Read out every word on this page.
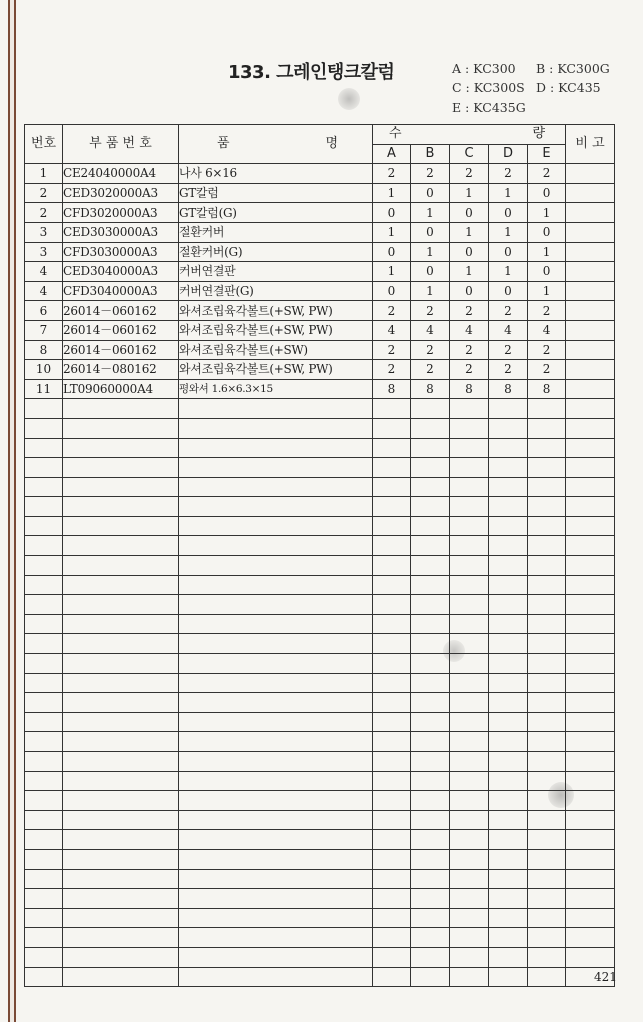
133. 그레인탱크칼럼	A : KC300 B : KC300G
C : KC300S D : KC435
E : KC435G
번호	부 품 번 호	품 명	수 량					비 고
			A	B	C	D	E	
1	CE24040000A4	나사 6×16	2	2	2	2	2	
2	CED3020000A3	GT칼럼	1	0	1	1	0	
2	CFD3020000A3	GT칼럼(G)	0	1	0	0	1	
3	CED3030000A3	절환커버	1	0	1	1	0	
3	CFD3030000A3	절환커버(G)	0	1	0	0	1	
4	CED3040000A3	커버연결판	1	0	1	1	0	
4	CFD3040000A3	커버연결판(G)	0	1	0	0	1	
6	26014－060162	와셔조립육각볼트(+SW, PW)	2	2	2	2	2	
7	26014－060162	와셔조립육각볼트(+SW, PW)	4	4	4	4	4	
8	26014－060162	와셔조립육각볼트(+SW)	2	2	2	2	2	
10	26014－080162	와셔조립육각볼트(+SW, PW)	2	2	2	2	2	
11	LT09060000A4	평와셔 1.6×6.3×15	8	8	8	8	8	

421
